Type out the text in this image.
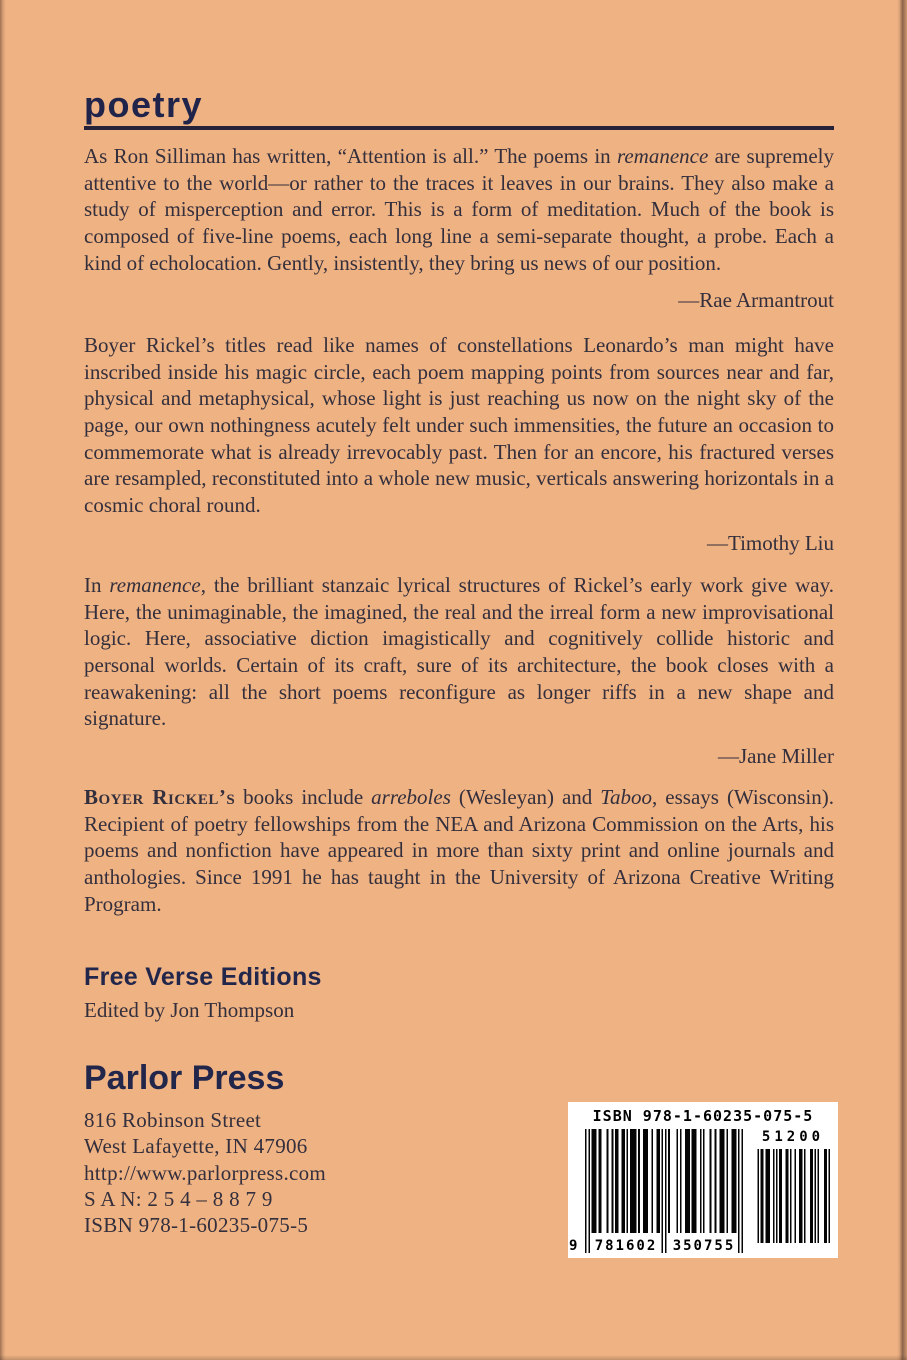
poetry

As Ron Silliman has written, “Attention is all.” The poems in remanence are supremely attentive to the world—or rather to the traces it leaves in our brains. They also make a study of misperception and error. This is a form of meditation. Much of the book is composed of five-line poems, each long line a semi-separate thought, a probe. Each a kind of echolocation. Gently, insistently, they bring us news of our position.

—Rae Armantrout

Boyer Rickel’s titles read like names of constellations Leonardo’s man might have inscribed inside his magic circle, each poem mapping points from sources near and far, physical and metaphysical, whose light is just reaching us now on the night sky of the page, our own nothingness acutely felt under such immensities, the future an occasion to commemorate what is already irrevocably past. Then for an encore, his fractured verses are resampled, reconstituted into a whole new music, verticals answering horizontals in a cosmic choral round.

—Timothy Liu

In remanence, the brilliant stanzaic lyrical structures of Rickel’s early work give way. Here, the unimaginable, the imagined, the real and the irreal form a new improvisational logic. Here, associative diction imagistically and cognitively collide historic and personal worlds. Certain of its craft, sure of its architecture, the book closes with a reawakening: all the short poems reconfigure as longer riffs in a new shape and signature.

—Jane Miller

Boyer Rickel’s books include arreboles (Wesleyan) and Taboo, essays (Wisconsin). Recipient of poetry fellowships from the NEA and Arizona Commission on the Arts, his poems and nonfiction have appeared in more than sixty print and online journals and anthologies. Since 1991 he has taught in the University of Arizona Creative Writing Program.

Free Verse Editions
Edited by Jon Thompson
Parlor Press
816 Robinson Street
West Lafayette, IN 47906
http://www.parlorpress.com
S A N: 2 5 4 – 8 8 7 9
ISBN 978-1-60235-075-5
ISBN 978-1-60235-075-5
9	781602	350755
51200
